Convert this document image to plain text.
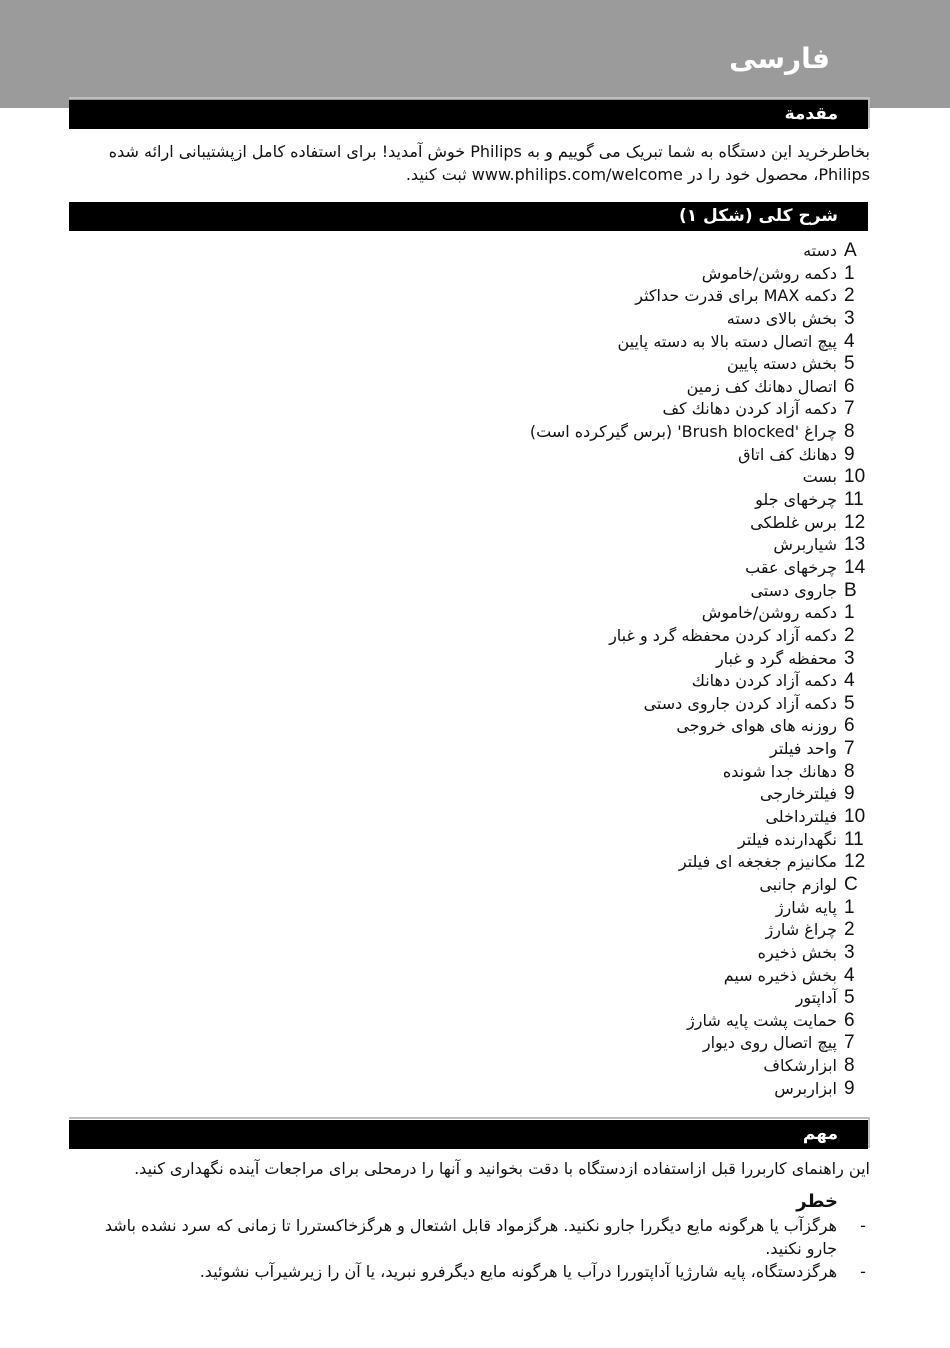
فارسی
مقدمة
بخاطرخرید این دستگاه به شما تبریک می گوییم و به Philips خوش آمدید! برای استفاده کامل ازپشتیبانی ارائه شده Philips، محصول خود را در www.philips.com/welcome ثبت کنید.
شرح کلی (شکل ۱)
A
دسته
1
دکمه روشن/خاموش
2
دکمه MAX برای قدرت حداکثر
3
بخش بالای دسته
4
پیچ اتصال دسته بالا به دسته پایین
5
بخش دسته پایین
6
اتصال دهانك كف زمین
7
دکمه آزاد کردن دهانك كف
8
چراغ 'Brush blocked' (برس گیرکرده است)
9
دهانك كف اتاق
10
بست
11
چرخهای جلو
12
برس غلطکی
13
شیاربرش
14
چرخهای عقب
B
جاروی دستی
1
دکمه روشن/خاموش
2
دکمه آزاد کردن محفظه گرد و غبار
3
محفظه گرد و غبار
4
دکمه آزاد کردن دهانك
5
دکمه آزاد کردن جاروی دستی
6
روزنه های هوای خروجی
7
واحد فیلتر
8
دهانك جدا شونده
9
فیلترخارجی
10
فیلترداخلی
11
نگهدارنده فیلتر
12
مکانیزم جغجغه ای فیلتر
C
لوازم جانبی
1
پایه شارژ
2
چراغ شارژ
3
بخش ذخیره
4
بخش ذخیره سیم
5
آداپتور
6
حمایت پشت پایه شارژ
7
پیچ اتصال روی دیوار
8
ابزارشكاف
9
ابزاربرس
مهم
این راهنمای کاربررا قبل ازاستفاده ازدستگاه با دقت بخوانید و آنها را درمحلی برای مراجعات آینده نگهداری کنید.
خطر
-
هرگزآب یا هرگونه مایع دیگررا جارو نکنید. هرگزمواد قابل اشتعال و هرگزخاکستررا تا زمانی که سرد نشده باشد جارو نکنید.
-
هرگزدستگاه، پایه شارژیا آداپتوررا درآب یا هرگونه مایع دیگرفرو نبرید، یا آن را زیرشیرآب نشوئید.
